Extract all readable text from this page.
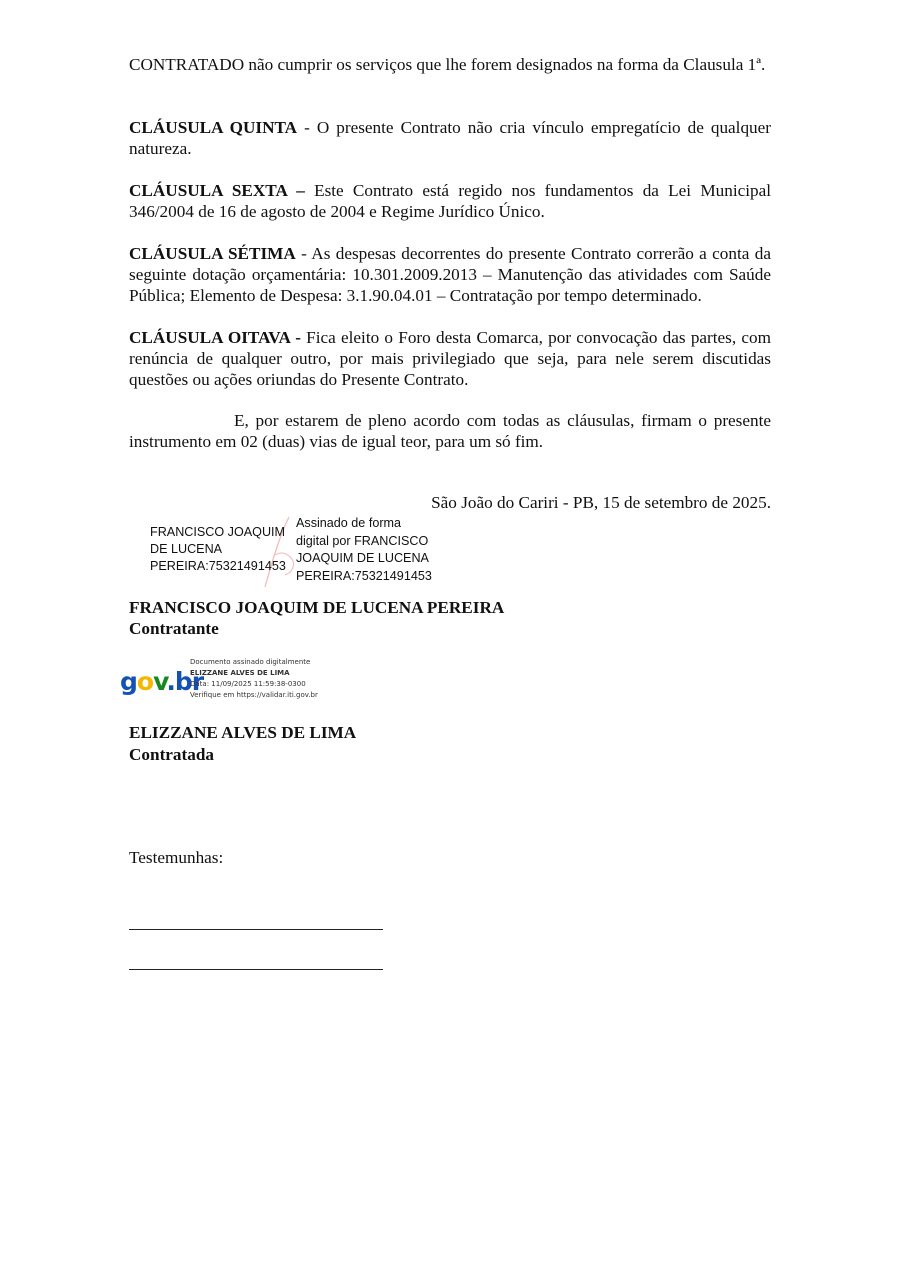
CONTRATADO não cumprir os serviços que lhe forem designados na forma da Clausula 1ª.

CLÁUSULA QUINTA - O presente Contrato não cria vínculo empregatício de qualquer natureza.

CLÁUSULA SEXTA – Este Contrato está regido nos fundamentos da Lei Municipal 346/2004 de 16 de agosto de 2004 e Regime Jurídico Único.

CLÁUSULA SÉTIMA - As despesas decorrentes do presente Contrato correrão a conta da seguinte dotação orçamentária: 10.301.2009.2013 – Manutenção das atividades com Saúde Pública; Elemento de Despesa: 3.1.90.04.01 – Contratação por tempo determinado.

CLÁUSULA OITAVA - Fica eleito o Foro desta Comarca, por convocação das partes, com renúncia de qualquer outro, por mais privilegiado que seja, para nele serem discutidas questões ou ações oriundas do Presente Contrato.

E, por estarem de pleno acordo com todas as cláusulas, firmam o presente instrumento em 02 (duas) vias de igual teor, para um só fim.

São João do Cariri - PB, 15 de setembro de 2025.
FRANCISCO JOAQUIM
DE LUCENA
PEREIRA:75321491453
Assinado de forma
digital por FRANCISCO
JOAQUIM DE LUCENA
PEREIRA:75321491453
FRANCISCO JOAQUIM DE LUCENA PEREIRA
Contratante
gov.br
Documento assinado digitalmente
ELIZZANE ALVES DE LIMA
Data: 11/09/2025 11:59:38-0300
Verifique em https://validar.iti.gov.br
ELIZZANE ALVES DE LIMA
Contratada
Testemunhas:
